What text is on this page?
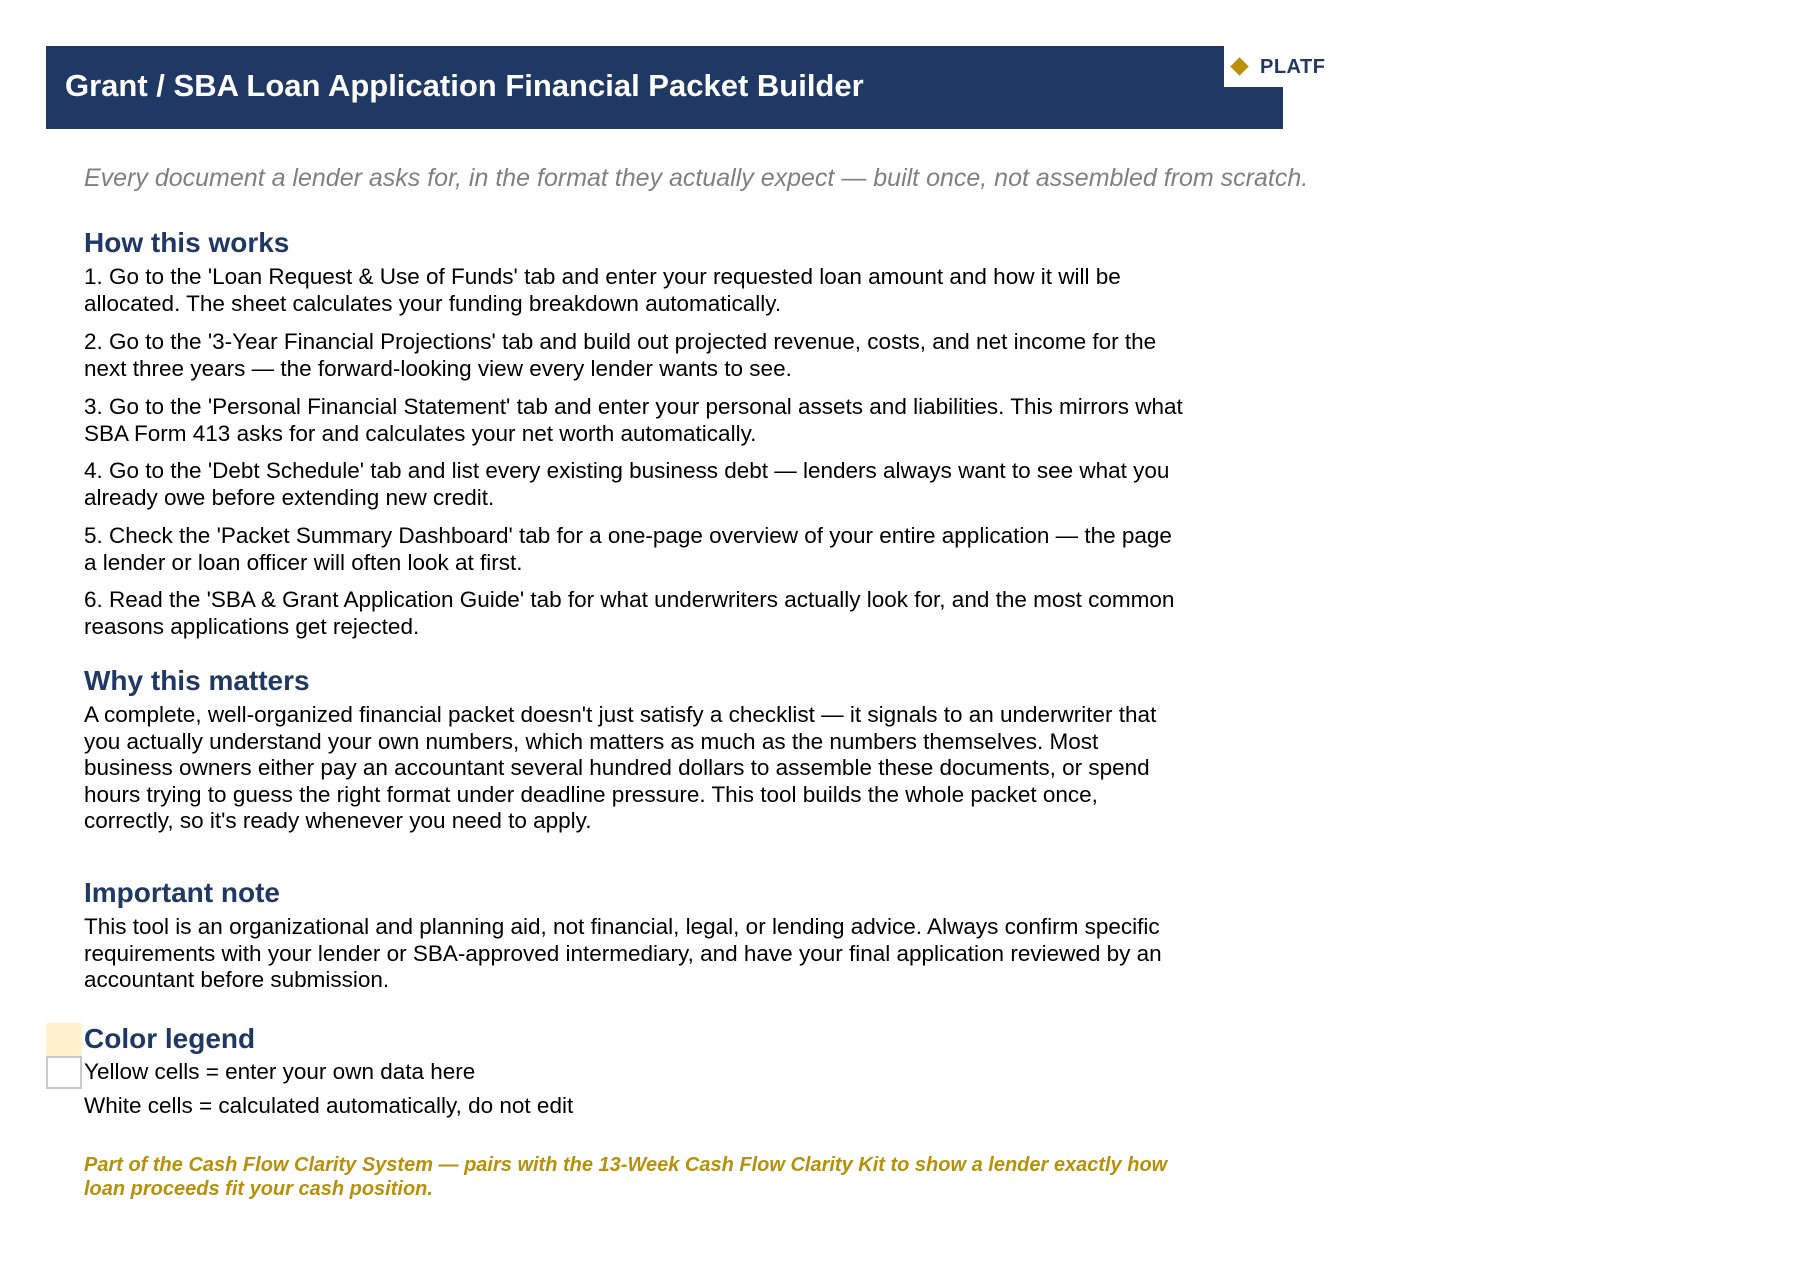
Grant / SBA Loan Application Financial Packet Builder
PLATF
Every document a lender asks for, in the format they actually expect — built once, not assembled from scratch.
How this works
1. Go to the 'Loan Request & Use of Funds' tab and enter your requested loan amount and how it will be allocated. The sheet calculates your funding breakdown automatically.
2. Go to the '3-Year Financial Projections' tab and build out projected revenue, costs, and net income for the next three years — the forward-looking view every lender wants to see.
3. Go to the 'Personal Financial Statement' tab and enter your personal assets and liabilities. This mirrors what SBA Form 413 asks for and calculates your net worth automatically.
4. Go to the 'Debt Schedule' tab and list every existing business debt — lenders always want to see what you already owe before extending new credit.
5. Check the 'Packet Summary Dashboard' tab for a one-page overview of your entire application — the page a lender or loan officer will often look at first.
6. Read the 'SBA & Grant Application Guide' tab for what underwriters actually look for, and the most common reasons applications get rejected.
Why this matters
A complete, well-organized financial packet doesn't just satisfy a checklist — it signals to an underwriter that you actually understand your own numbers, which matters as much as the numbers themselves. Most business owners either pay an accountant several hundred dollars to assemble these documents, or spend hours trying to guess the right format under deadline pressure. This tool builds the whole packet once, correctly, so it's ready whenever you need to apply.
Important note
This tool is an organizational and planning aid, not financial, legal, or lending advice. Always confirm specific requirements with your lender or SBA-approved intermediary, and have your final application reviewed by an accountant before submission.
Color legend
Yellow cells = enter your own data here
White cells = calculated automatically, do not edit
Part of the Cash Flow Clarity System — pairs with the 13-Week Cash Flow Clarity Kit to show a lender exactly how loan proceeds fit your cash position.
